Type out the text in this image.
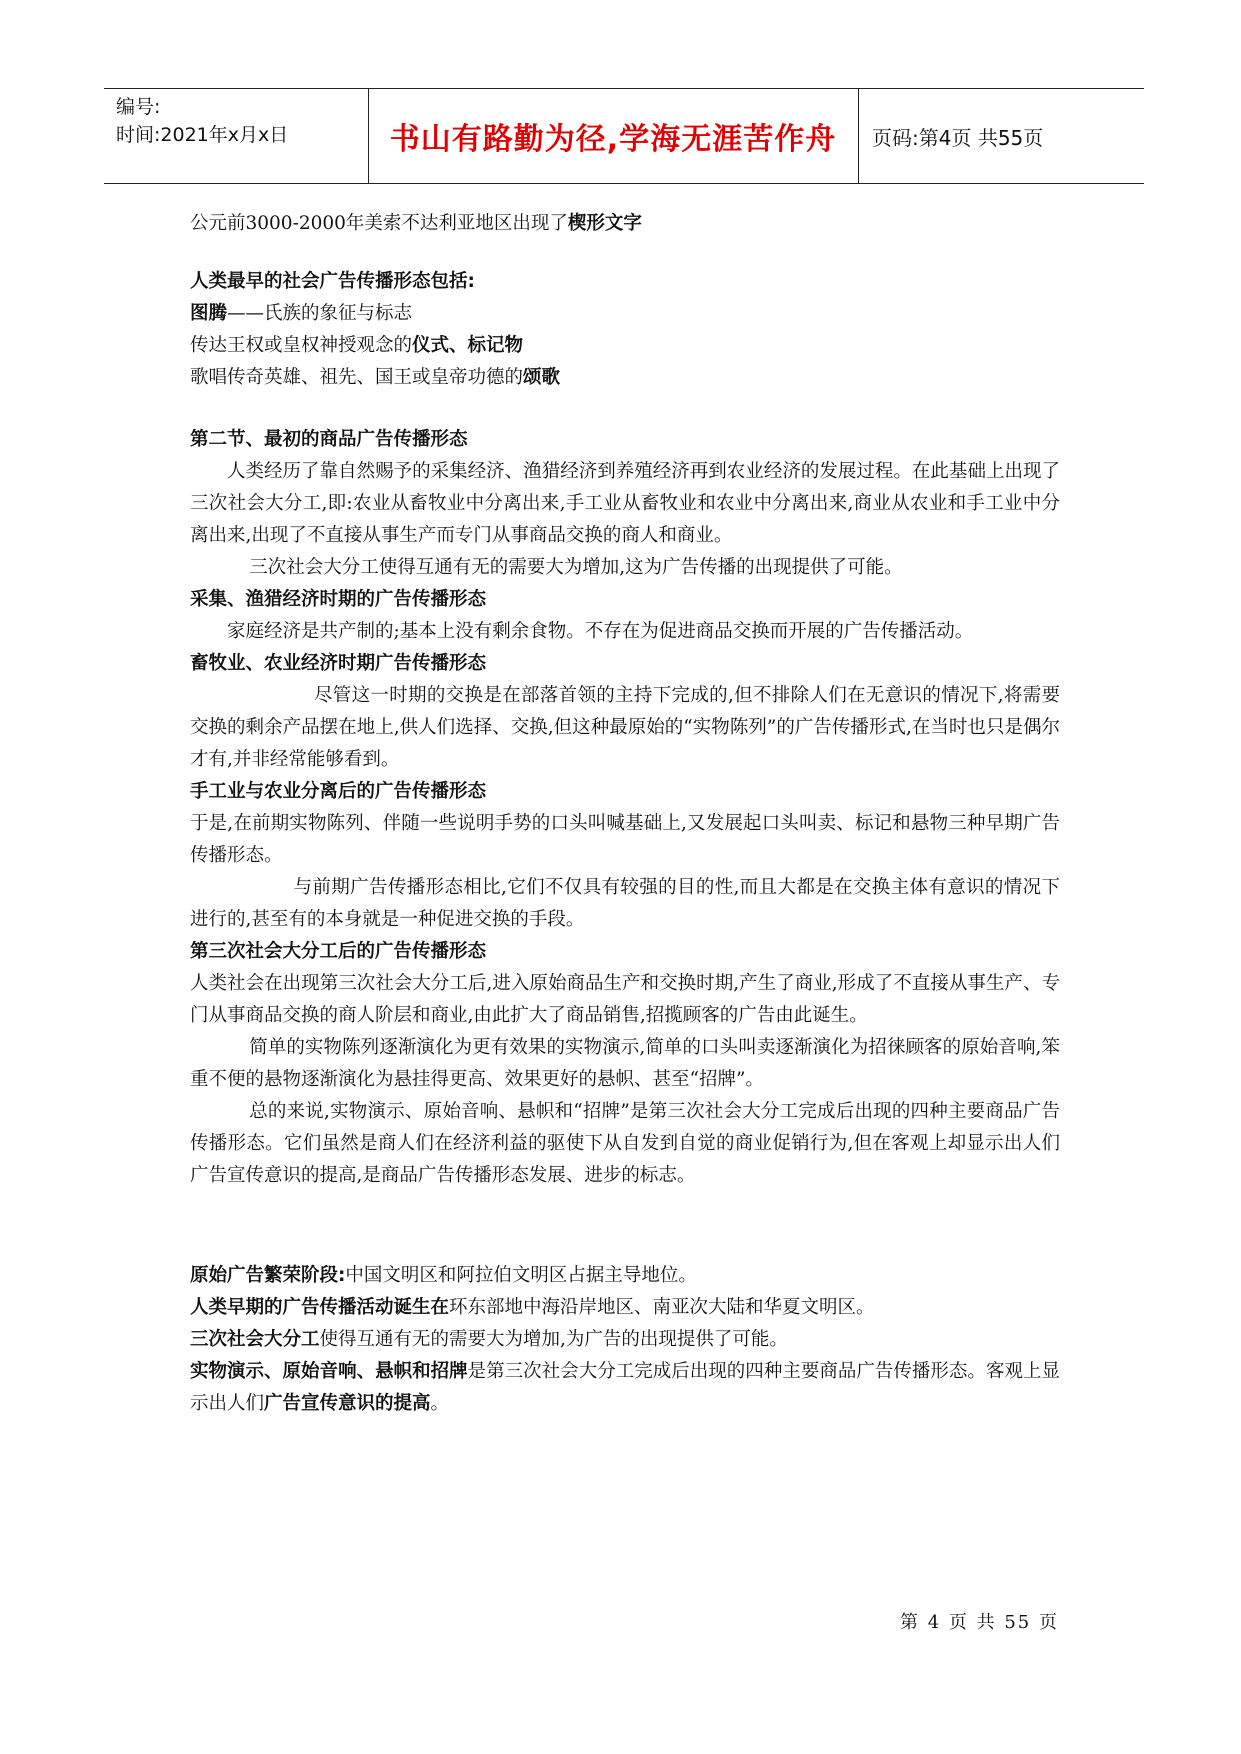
编号:
时间:2021年x月x日	书山有路勤为径,学海无涯苦作舟 页码:第4页 共55页

公元前3000-2000年美索不达利亚地区出现了楔形文字

人类最早的社会广告传播形态包括:

图腾——氏族的象征与标志

传达王权或皇权神授观念的仪式、标记物

歌唱传奇英雄、祖先、国王或皇帝功德的颂歌

第二节、最初的商品广告传播形态

人类经历了靠自然赐予的采集经济、渔猎经济到养殖经济再到农业经济的发展过程。在此基础上出现了三次社会大分工,即:农业从畜牧业中分离出来,手工业从畜牧业和农业中分离出来,商业从农业和手工业中分离出来,出现了不直接从事生产而专门从事商品交换的商人和商业。

三次社会大分工使得互通有无的需要大为增加,这为广告传播的出现提供了可能。

采集、渔猎经济时期的广告传播形态

家庭经济是共产制的;基本上没有剩余食物。不存在为促进商品交换而开展的广告传播活动。

畜牧业、农业经济时期广告传播形态

尽管这一时期的交换是在部落首领的主持下完成的,但不排除人们在无意识的情况下,将需要交换的剩余产品摆在地上,供人们选择、交换,但这种最原始的“实物陈列”的广告传播形式,在当时也只是偶尔才有,并非经常能够看到。

手工业与农业分离后的广告传播形态

于是,在前期实物陈列、伴随一些说明手势的口头叫喊基础上,又发展起口头叫卖、标记和悬物三种早期广告传播形态。

与前期广告传播形态相比,它们不仅具有较强的目的性,而且大都是在交换主体有意识的情况下进行的,甚至有的本身就是一种促进交换的手段。

第三次社会大分工后的广告传播形态

人类社会在出现第三次社会大分工后,进入原始商品生产和交换时期,产生了商业,形成了不直接从事生产、专门从事商品交换的商人阶层和商业,由此扩大了商品销售,招揽顾客的广告由此诞生。

简单的实物陈列逐渐演化为更有效果的实物演示,简单的口头叫卖逐渐演化为招徕顾客的原始音响,笨重不便的悬物逐渐演化为悬挂得更高、效果更好的悬帜、甚至“招牌”。

总的来说,实物演示、原始音响、悬帜和“招牌”是第三次社会大分工完成后出现的四种主要商品广告传播形态。它们虽然是商人们在经济利益的驱使下从自发到自觉的商业促销行为,但在客观上却显示出人们广告宣传意识的提高,是商品广告传播形态发展、进步的标志。

原始广告繁荣阶段:中国文明区和阿拉伯文明区占据主导地位。

人类早期的广告传播活动诞生在环东部地中海沿岸地区、南亚次大陆和华夏文明区。

三次社会大分工使得互通有无的需要大为增加,为广告的出现提供了可能。

实物演示、原始音响、悬帜和招牌是第三次社会大分工完成后出现的四种主要商品广告传播形态。客观上显示出人们广告宣传意识的提高。

第 4 页 共 55 页
